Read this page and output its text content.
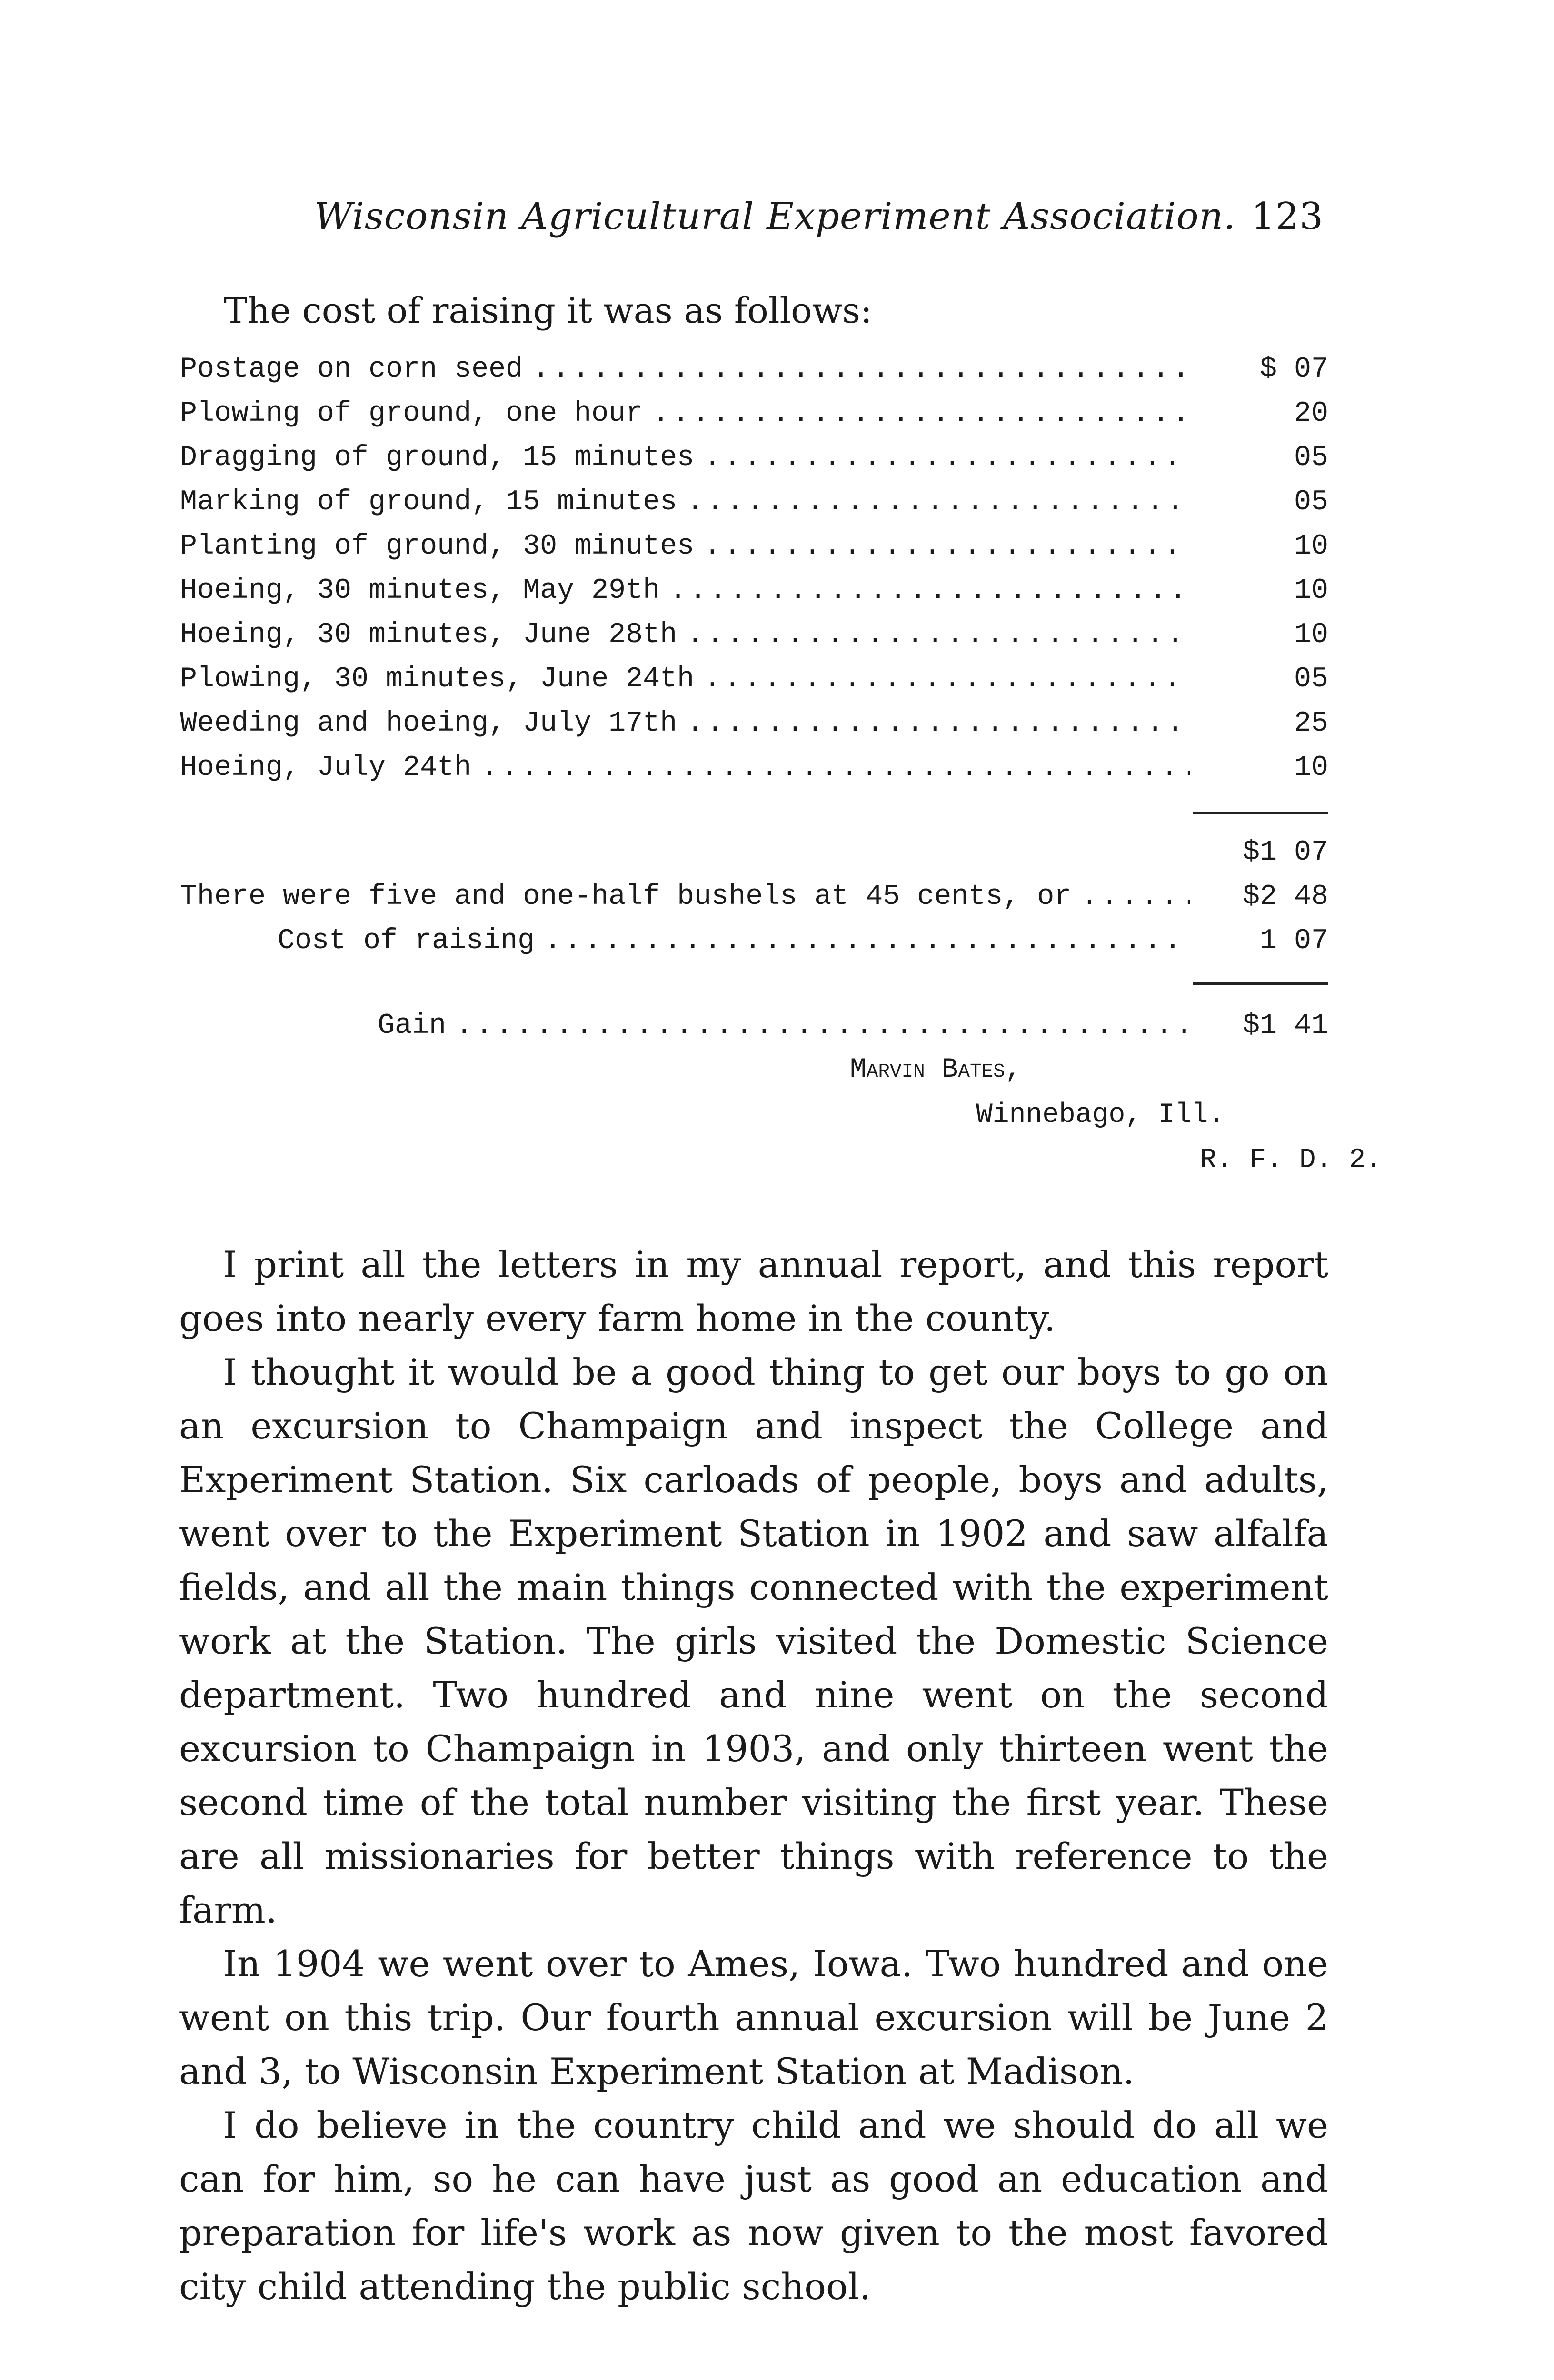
Wisconsin Agricultural Experiment Association. 123
The cost of raising it was as follows:
Postage on corn seed .....	$ 07
Plowing of ground, one hour .....	20
Dragging of ground, 15 minutes .....	05
Marking of ground, 15 minutes .....	05
Planting of ground, 30 minutes .....	10
Hoeing, 30 minutes, May 29th .....	10
Hoeing, 30 minutes, June 28th .....	10
Plowing, 30 minutes, June 24th .....	05
Weeding and hoeing, July 17th .....	25
Hoeing, July 24th .....	10
$1 07
There were five and one-half bushels at 45 cents, or .....	$2 48
Cost of raising .....	1 07
Gain .....	$1 41
Marvin Bates,
Winnebago, Ill.
R. F. D. 2.

I print all the letters in my annual report, and this report goes into nearly every farm home in the county.

I thought it would be a good thing to get our boys to go on an excursion to Champaign and inspect the College and Experiment Station. Six carloads of people, boys and adults, went over to the Experiment Station in 1902 and saw alfalfa fields, and all the main things connected with the experiment work at the Station. The girls visited the Domestic Science department. Two hundred and nine went on the second excursion to Champaign in 1903, and only thirteen went the second time of the total number visiting the first year. These are all missionaries for better things with reference to the farm.

In 1904 we went over to Ames, Iowa. Two hundred and one went on this trip. Our fourth annual excursion will be June 2 and 3, to Wisconsin Experiment Station at Madison.

I do believe in the country child and we should do all we can for him, so he can have just as good an education and preparation for life's work as now given to the most favored city child attending the public school.
